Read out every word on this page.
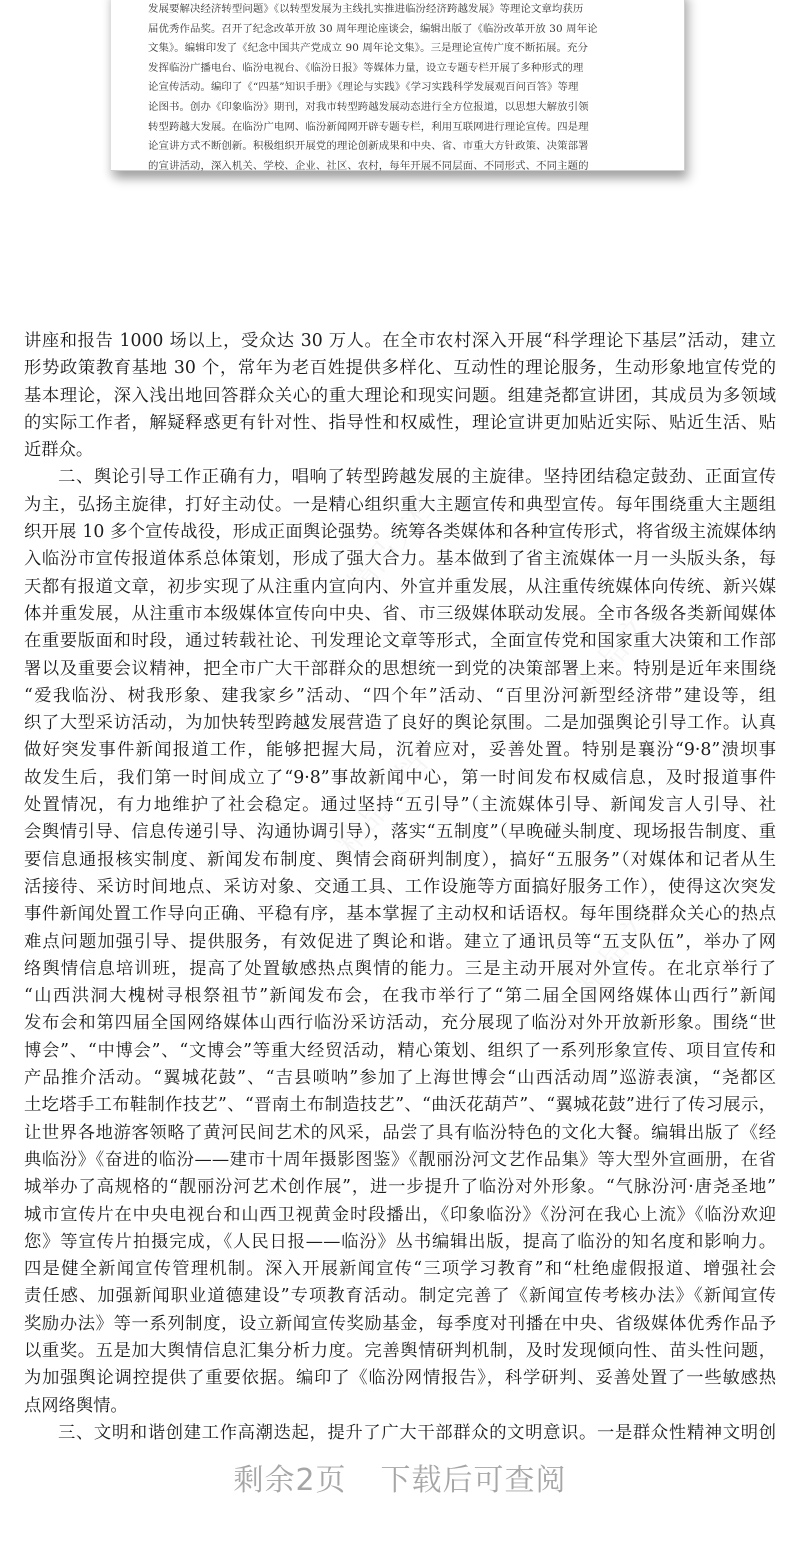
发展要解决经济转型问题》《以转型发展为主线扎实推进临汾经济跨越发展》等理论文章均获历
届优秀作品奖。召开了纪念改革开放 30 周年理论座谈会，编辑出版了《临汾改革开放 30 周年论
文集》。编辑印发了《纪念中国共产党成立 90 周年论文集》。三是理论宣传广度不断拓展。充分
发挥临汾广播电台、临汾电视台、《临汾日报》等媒体力量，设立专题专栏开展了多种形式的理
论宣传活动。编印了《“四基”知识手册》《理论与实践》《学习实践科学发展观百问百答》等理
论图书。创办《印象临汾》期刊，对我市转型跨越发展动态进行全方位报道，以思想大解放引领
转型跨越大发展。在临汾广电网、临汾新闻网开辟专题专栏，利用互联网进行理论宣传。四是理
论宣讲方式不断创新。积极组织开展党的理论创新成果和中央、省、市重大方针政策、决策部署
的宣讲活动，深入机关、学校、企业、社区、农村，每年开展不同层面、不同形式、不同主题的
精品文档
精品文档
精品文档
精品文档
讲座和报告 1000 场以上，受众达 30 万人。在全市农村深入开展“科学理论下基层”活动，建立
形势政策教育基地 30 个，常年为老百姓提供多样化、互动性的理论服务，生动形象地宣传党的
基本理论，深入浅出地回答群众关心的重大理论和现实问题。组建尧都宣讲团，其成员为多领域
的实际工作者，解疑释惑更有针对性、指导性和权威性，理论宣讲更加贴近实际、贴近生活、贴
近群众。
二、舆论引导工作正确有力，唱响了转型跨越发展的主旋律。坚持团结稳定鼓劲、正面宣传
为主，弘扬主旋律，打好主动仗。一是精心组织重大主题宣传和典型宣传。每年围绕重大主题组
织开展 10 多个宣传战役，形成正面舆论强势。统筹各类媒体和各种宣传形式，将省级主流媒体纳
入临汾市宣传报道体系总体策划，形成了强大合力。基本做到了省主流媒体一月一头版头条，每
天都有报道文章，初步实现了从注重内宣向内、外宣并重发展，从注重传统媒体向传统、新兴媒
体并重发展，从注重市本级媒体宣传向中央、省、市三级媒体联动发展。全市各级各类新闻媒体
在重要版面和时段，通过转载社论、刊发理论文章等形式，全面宣传党和国家重大决策和工作部
署以及重要会议精神，把全市广大干部群众的思想统一到党的决策部署上来。特别是近年来围绕
“爱我临汾、树我形象、建我家乡”活动、“四个年”活动、“百里汾河新型经济带”建设等，组
织了大型采访活动，为加快转型跨越发展营造了良好的舆论氛围。二是加强舆论引导工作。认真
做好突发事件新闻报道工作，能够把握大局，沉着应对，妥善处置。特别是襄汾“9·8”溃坝事
故发生后，我们第一时间成立了“9·8”事故新闻中心，第一时间发布权威信息，及时报道事件
处置情况，有力地维护了社会稳定。通过坚持“五引导”（主流媒体引导、新闻发言人引导、社
会舆情引导、信息传递引导、沟通协调引导），落实“五制度”（早晚碰头制度、现场报告制度、重
要信息通报核实制度、新闻发布制度、舆情会商研判制度），搞好“五服务”（对媒体和记者从生
活接待、采访时间地点、采访对象、交通工具、工作设施等方面搞好服务工作），使得这次突发
事件新闻处置工作导向正确、平稳有序，基本掌握了主动权和话语权。每年围绕群众关心的热点
难点问题加强引导、提供服务，有效促进了舆论和谐。建立了通讯员等“五支队伍”，举办了网
络舆情信息培训班，提高了处置敏感热点舆情的能力。三是主动开展对外宣传。在北京举行了
“山西洪洞大槐树寻根祭祖节”新闻发布会，在我市举行了“第二届全国网络媒体山西行”新闻
发布会和第四届全国网络媒体山西行临汾采访活动，充分展现了临汾对外开放新形象。围绕“世
博会”、“中博会”、“文博会”等重大经贸活动，精心策划、组织了一系列形象宣传、项目宣传和
产品推介活动。“翼城花鼓”、“吉县唢呐”参加了上海世博会“山西活动周”巡游表演，“尧都区
土圪塔手工布鞋制作技艺”、“晋南土布制造技艺”、“曲沃花葫芦”、“翼城花鼓”进行了传习展示，
让世界各地游客领略了黄河民间艺术的风采，品尝了具有临汾特色的文化大餐。编辑出版了《经
典临汾》《奋进的临汾——建市十周年摄影图鉴》《靓丽汾河文艺作品集》等大型外宣画册，在省
城举办了高规格的“靓丽汾河艺术创作展”，进一步提升了临汾对外形象。“气脉汾河·唐尧圣地”
城市宣传片在中央电视台和山西卫视黄金时段播出，《印象临汾》《汾河在我心上流》《临汾欢迎
您》等宣传片拍摄完成，《人民日报——临汾》丛书编辑出版，提高了临汾的知名度和影响力。
四是健全新闻宣传管理机制。深入开展新闻宣传“三项学习教育”和“杜绝虚假报道、增强社会
责任感、加强新闻职业道德建设”专项教育活动。制定完善了《新闻宣传考核办法》《新闻宣传
奖励办法》等一系列制度，设立新闻宣传奖励基金，每季度对刊播在中央、省级媒体优秀作品予
以重奖。五是加大舆情信息汇集分析力度。完善舆情研判机制，及时发现倾向性、苗头性问题，
为加强舆论调控提供了重要依据。编印了《临汾网情报告》，科学研判、妥善处置了一些敏感热
点网络舆情。
三、文明和谐创建工作高潮迭起，提升了广大干部群众的文明意识。一是群众性精神文明创
剩余2页 下载后可查阅
